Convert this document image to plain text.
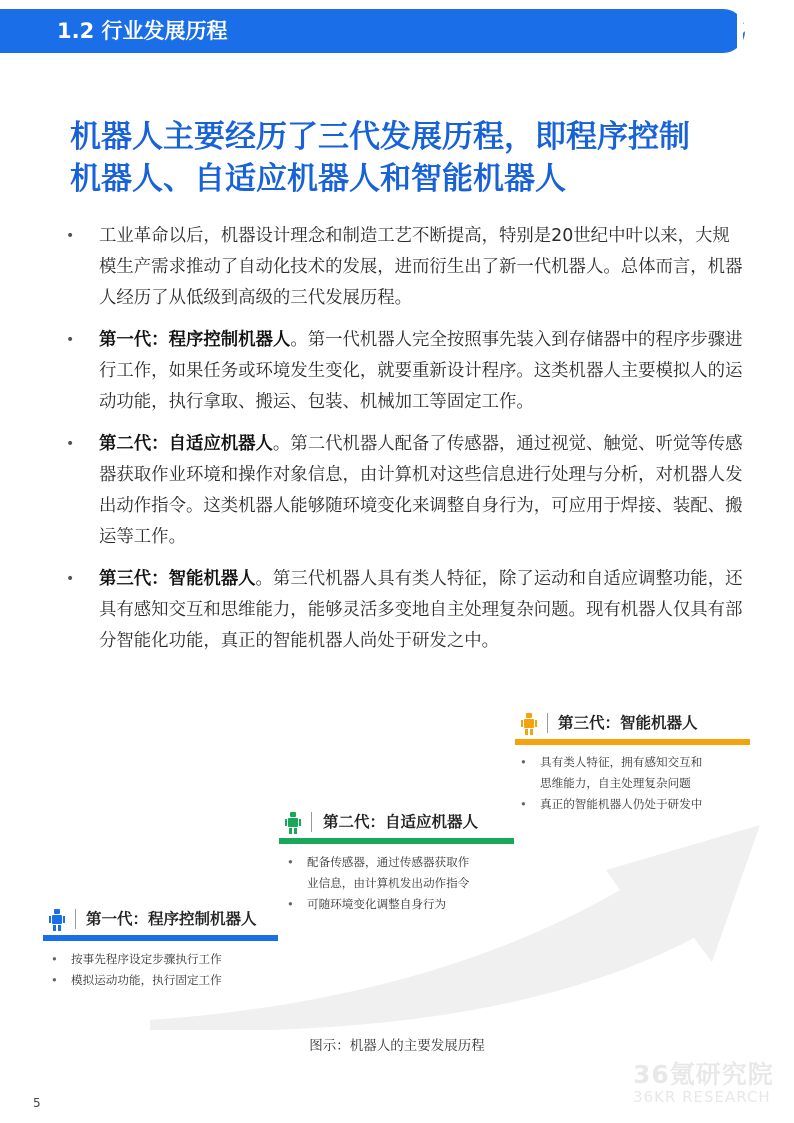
1.2 行业发展历程	36
机器人主要经历了三代发展历程，即程序控制
机器人、自适应机器人和智能机器人
• 工业革命以后，机器设计理念和制造工艺不断提高，特别是20世纪中叶以来，大规模生产需求推动了自动化技术的发展，进而衍生出了新一代机器人。总体而言，机器人经历了从低级到高级的三代发展历程。
• 第一代：程序控制机器人。第一代机器人完全按照事先装入到存储器中的程序步骤进行工作，如果任务或环境发生变化，就要重新设计程序。这类机器人主要模拟人的运动功能，执行拿取、搬运、包装、机械加工等固定工作。
• 第二代：自适应机器人。第二代机器人配备了传感器，通过视觉、触觉、听觉等传感器获取作业环境和操作对象信息，由计算机对这些信息进行处理与分析，对机器人发出动作指令。这类机器人能够随环境变化来调整自身行为，可应用于焊接、装配、搬运等工作。
• 第三代：智能机器人。第三代机器人具有类人特征，除了运动和自适应调整功能，还具有感知交互和思维能力，能够灵活多变地自主处理复杂问题。现有机器人仅具有部分智能化功能，真正的智能机器人尚处于研发之中。
第三代：智能机器人
• 具有类人特征，拥有感知交互和
思维能力，自主处理复杂问题
• 真正的智能机器人仍处于研发中
第二代：自适应机器人
• 配备传感器，通过传感器获取作
业信息，由计算机发出动作指令
• 可随环境变化调整自身行为
第一代：程序控制机器人
• 按事先程序设定步骤执行工作
• 模拟运动功能，执行固定工作
图示：机器人的主要发展历程
36氪研究院
36KR RESEARCH
5
